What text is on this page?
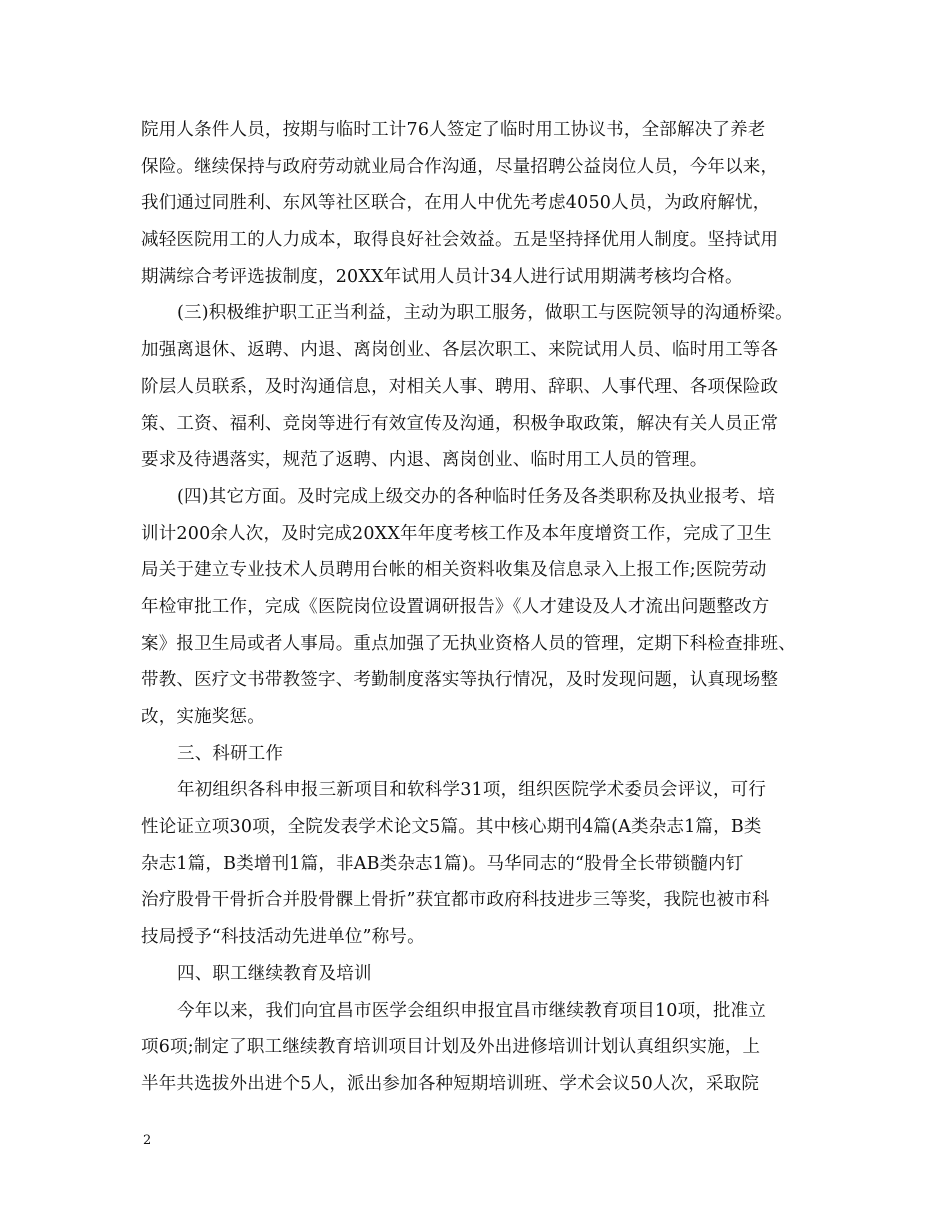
院用人条件人员，按期与临时工计76人签定了临时用工协议书，全部解决了养老
保险。继续保持与政府劳动就业局合作沟通，尽量招聘公益岗位人员，今年以来，
我们通过同胜利、东风等社区联合，在用人中优先考虑4050人员，为政府解忧，
减轻医院用工的人力成本，取得良好社会效益。五是坚持择优用人制度。坚持试用
期满综合考评选拔制度，20XX年试用人员计34人进行试用期满考核均合格。
(三)积极维护职工正当利益，主动为职工服务，做职工与医院领导的沟通桥梁。
加强离退休、返聘、内退、离岗创业、各层次职工、来院试用人员、临时用工等各
阶层人员联系，及时沟通信息，对相关人事、聘用、辞职、人事代理、各项保险政
策、工资、福利、竞岗等进行有效宣传及沟通，积极争取政策，解决有关人员正常
要求及待遇落实，规范了返聘、内退、离岗创业、临时用工人员的管理。
(四)其它方面。及时完成上级交办的各种临时任务及各类职称及执业报考、培
训计200余人次，及时完成20XX年年度考核工作及本年度增资工作，完成了卫生
局关于建立专业技术人员聘用台帐的相关资料收集及信息录入上报工作;医院劳动
年检审批工作，完成《医院岗位设置调研报告》《人才建设及人才流出问题整改方
案》报卫生局或者人事局。重点加强了无执业资格人员的管理，定期下科检查排班、
带教、医疗文书带教签字、考勤制度落实等执行情况，及时发现问题，认真现场整
改，实施奖惩。
三、科研工作
年初组织各科申报三新项目和软科学31项，组织医院学术委员会评议，可行
性论证立项30项，全院发表学术论文5篇。其中核心期刊4篇(A类杂志1篇，B类
杂志1篇，B类增刊1篇，非AB类杂志1篇)。马华同志的“股骨全长带锁髓内钉
治疗股骨干骨折合并股骨髁上骨折”获宜都市政府科技进步三等奖，我院也被市科
技局授予“科技活动先进单位”称号。
四、职工继续教育及培训
今年以来，我们向宜昌市医学会组织申报宜昌市继续教育项目10项，批准立
项6项;制定了职工继续教育培训项目计划及外出进修培训计划认真组织实施，上
半年共选拔外出进个5人，派出参加各种短期培训班、学术会议50人次，采取院
2
